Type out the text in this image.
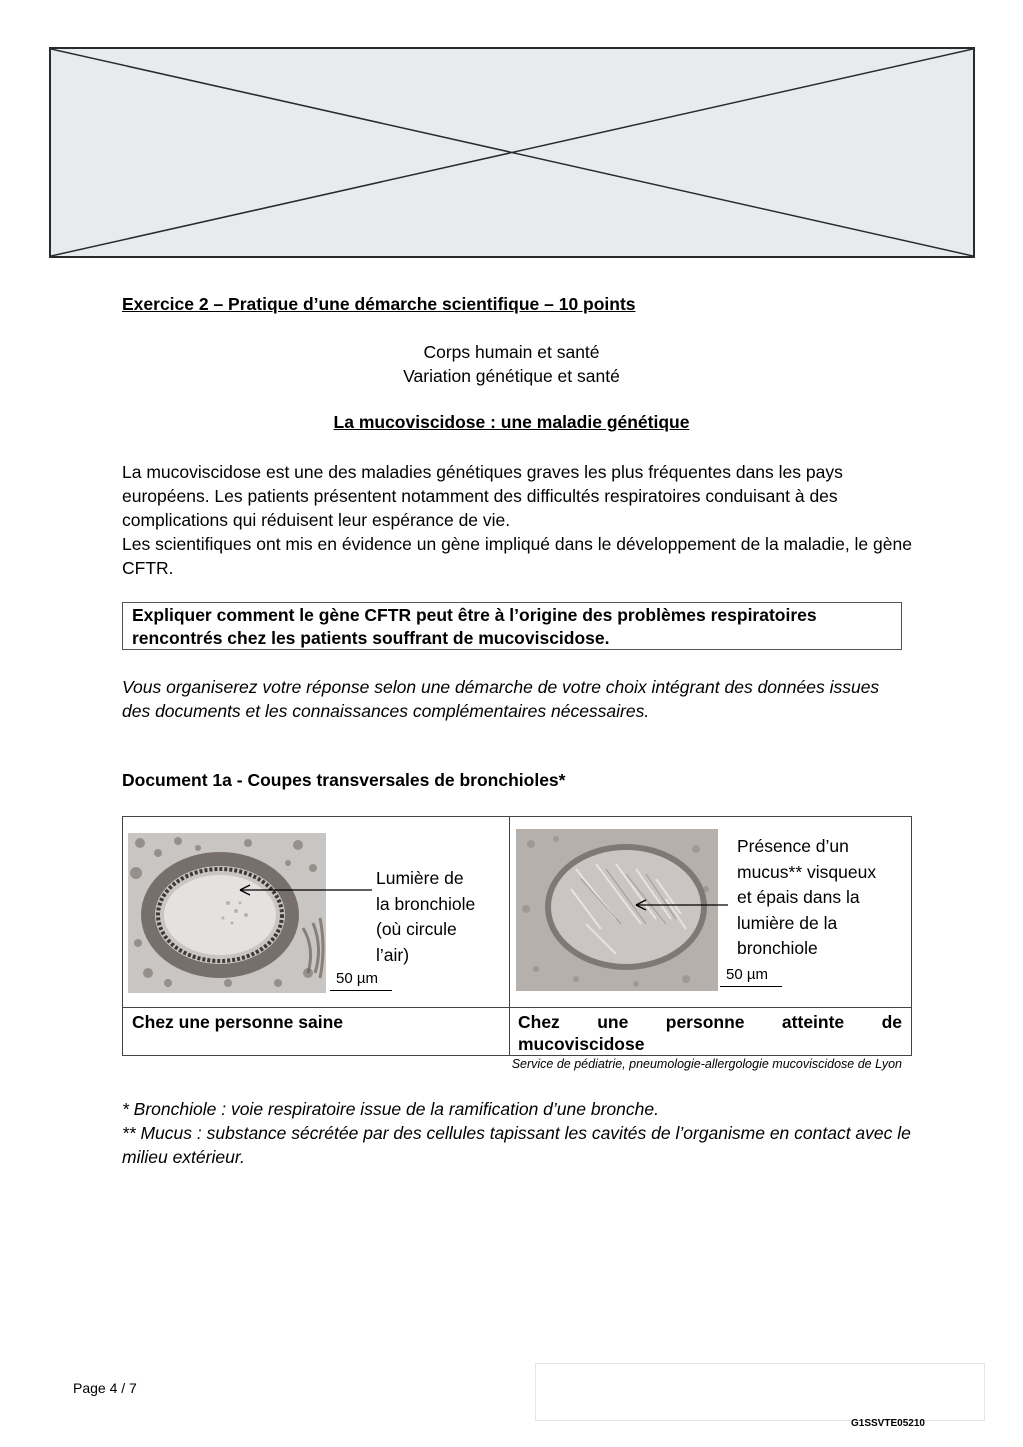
Exercice 2 – Pratique d’une démarche scientifique – 10 points
Corps humain et santé
Variation génétique et santé
La mucoviscidose : une maladie génétique
La mucoviscidose est une des maladies génétiques graves les plus fréquentes dans les pays européens. Les patients présentent notamment des difficultés respiratoires conduisant à des complications qui réduisent leur espérance de vie.
Les scientifiques ont mis en évidence un gène impliqué dans le développement de la maladie, le gène CFTR.
Expliquer comment le gène CFTR peut être à l’origine des problèmes respiratoires rencontrés chez les patients souffrant de mucoviscidose.
Vous organiserez votre réponse selon une démarche de votre choix intégrant des données issues des documents et les connaissances complémentaires nécessaires.
Document 1a - Coupes transversales de bronchioles*
Lumière de
la bronchiole
(où circule
l’air)
50 µm
Présence d’un
mucus** visqueux
et épais dans la
lumière de la
bronchiole
50 µm
Chez une personne saine	Chez une personne atteinte de
mucoviscidose
Service de pédiatrie, pneumologie-allergologie mucoviscidose de Lyon
* Bronchiole : voie respiratoire issue de la ramification d’une bronche.
** Mucus : substance sécrétée par des cellules tapissant les cavités de l’organisme en contact avec le milieu extérieur.
Page 4 / 7
G1SSVTE05210
